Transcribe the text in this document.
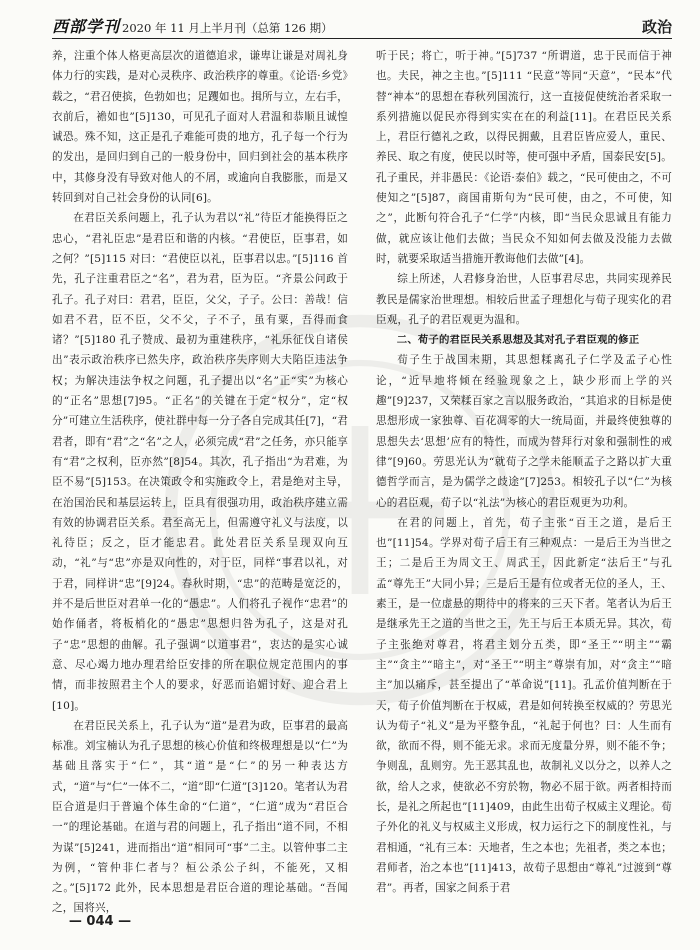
西部学刊 2020 年 11 月上半月刊（总第 126 期）	政治

养，注重个体人格更高层次的道德追求，谦卑让谦是对周礼身体力行的实践，是对心灵秩序、政治秩序的尊重。《论语·乡党》载之，“君召使摈，色勃如也；足躩如也。揖所与立，左右手，衣前后，襜如也”[5]130，可见孔子面对人君温和恭顺且诚惶诚恐。殊不知，这正是孔子难能可贵的地方，孔子每一个行为的发出，是回归到自己的一般身份中，回归到社会的基本秩序中，其修身没有导致对他人的不屑，或逾向自我膨胀，而是又转回到对自己社会身份的认同[6]。

在君臣关系问题上，孔子认为君以“礼”待臣才能换得臣之忠心，“君礼臣忠”是君臣和谐的内核。“君使臣，臣事君，如之何？”[5]115 对曰：“君使臣以礼，臣事君以忠。”[5]116 首先，孔子注重君臣之“名”，君为君，臣为臣。“齐景公问政于孔子。孔子对曰：君君，臣臣，父父，子子。公曰：善哉！信如君不君，臣不臣，父不父，子不子，虽有粟，吾得而食诸？”[5]180 孔子赞成、最初为重建秩序，“礼乐征伐自诸侯出”表示政治秩序已然失序，政治秩序失序则大夫陷臣违法争权；为解决违法争权之问题，孔子提出以“名”正“实”为核心的“正名”思想[7]95。“正名”的关键在于定“权分”，定“权分”可建立生活秩序，使社群中每一分子各自完成其任[7]，“君君者，即有“君”之“名”之人，必须完成“君”之任务，亦只能享有“君”之权利，臣亦然”[8]54。其次，孔子指出“为君难，为臣不易”[5]153。在决策政令和实施政令上，君是绝对主导，在治国治民和基层运转上，臣具有很强功用，政治秩序建立需有效的协调君臣关系。君至高无上，但需遵守礼义与法度，以礼待臣；反之，臣才能忠君。此处君臣关系呈现双向互动，“礼”与“忠”亦是双向性的，对于臣，同样“事君以礼，对于君，同样讲“忠”[9]24。春秋时期，“忠”的范畴是宽泛的，并不是后世臣对君单一化的“愚忠”。人们将孔子视作“忠君”的始作俑者，将板梢化的“愚忠”思想归咎为孔子，这是对孔子“忠”思想的曲解。孔子强调“以道事君”，衷达的是实心诚意、尽心竭力地办理君给臣安排的所在职位规定范围内的事情，而非按照君主个人的要求，好恶而谄媚讨好、迎合君上[10]。

在君臣民关系上，孔子认为“道”是君为政，臣事君的最高标准。刘宝楠认为孔子思想的核心价值和终极理想是以“仁”为基础且落实于“仁”，其“道”是“仁”的另一种表达方式，“道”与“仁”一体不二，“道”即“仁道”[3]120。笔者认为君臣合道是归于普遍个体生命的“仁道”，“仁道”成为“君臣合一”的理论基础。在道与君的问题上，孔子指出“道不同，不相为谋”[5]241，进而指出“道”相同可“事”二主。以管仲事二主为例，“管仲非仁者与？桓公杀公子纠，不能死，又相之。”[5]172 此外，民本思想是君臣合道的理论基础。“吾闻之，国将兴，

听于民；将亡，听于神。”[5]737 “所谓道，忠于民而信于神也。夫民，神之主也。”[5]111 “民意”等同“天意”，“民本”代替“神本”的思想在春秋列国流行，这一直接促使统治者采取一系列措施以促民亦得到实实在在的利益[11]。在君臣民关系上，君臣行德礼之政，以得民拥戴，且君臣皆应爱人，重民、养民、取之有度，使民以时等，使可强中矛盾，国泰民安[5]。孔子重民，并非愚民：《论语·泰伯》载之，“民可使由之，不可使知之”[5]87，商国甫斯句为“民可使，由之，不可使，知之”，此断句符合孔子“仁学”内核，即“当民众思诚且有能力做，就应该让他们去做；当民众不知如何去做及没能力去做时，就要采取适当措施开教诲他们去做”[4]。

综上所述，人君修身治世，人臣事君尽忠，共同实现养民教民是儒家治世理想。相较后世孟子理想化与荀子现实化的君臣观，孔子的君臣观更为温和。

二、荀子的君臣民关系思想及其对孔子君臣观的修正

荀子生于战国末期，其思想糅离孔子仁学及孟子心性论，“近早地将倾在经验现象之上，缺少形而上学的兴趣”[9]237，又荣糅百家之言以服务政治，“其追求的目标是使思想形成一家独尊、百花凋零的大一统局面，并最终使独尊的思想失去‘思想’应有的特性，而成为替拜行对象和强制性的戒律”[9]60。劳思光认为“就荀子之学未能顺孟子之路以扩大重德哲学而言，是为儒学之歧途”[7]253。相较孔子以“仁”为核心的君臣观，荀子以“礼法”为核心的君臣观更为功利。

在君的问题上，首先，荀子主张“百王之道，是后王也”[11]54。学界对荀子后王有三种观点：一是后王为当世之王；二是后王为周文王、周武王，因此新定“法后王”与孔孟“尊先王”大同小异；三是后王是有位或者无位的圣人，王、素王，是一位虚悬的期待中的将来的三天下者。笔者认为后王是继承先王之道的当世之王，先王与后王本质无异。其次，荀子主张绝对尊君，将君主划分五类，即“圣王”“明主”“霸主”“贪主”“暗主”，对“圣王”“明主”尊崇有加，对“贪主”“暗主”加以痛斥，甚至提出了“革命说”[11]。孔孟价值判断在于天，荀子价值判断在于权威，君是如何转换至权威的？劳思光认为荀子“礼义”是为平整争乱，“礼起于何也？曰：人生而有欲，欲而不得，则不能无求。求而无度量分界，则不能不争；争则乱，乱则穷。先王恶其乱也，故制礼义以分之，以养人之欲，给人之求，使欲必不穷於物，物必不屈于欲。两者相持而长，是礼之所起也”[11]409，由此生出荀子权威主义理论。荀子外化的礼义与权威主义形成，权力运行之下的制度性礼，与君相通，“礼有三本：天地者，生之本也；先祖者，类之本也；君师者，治之本也”[11]413，故荀子思想由“尊礼”过渡到“尊君”。再者，国家之间系于君

— 044 —
